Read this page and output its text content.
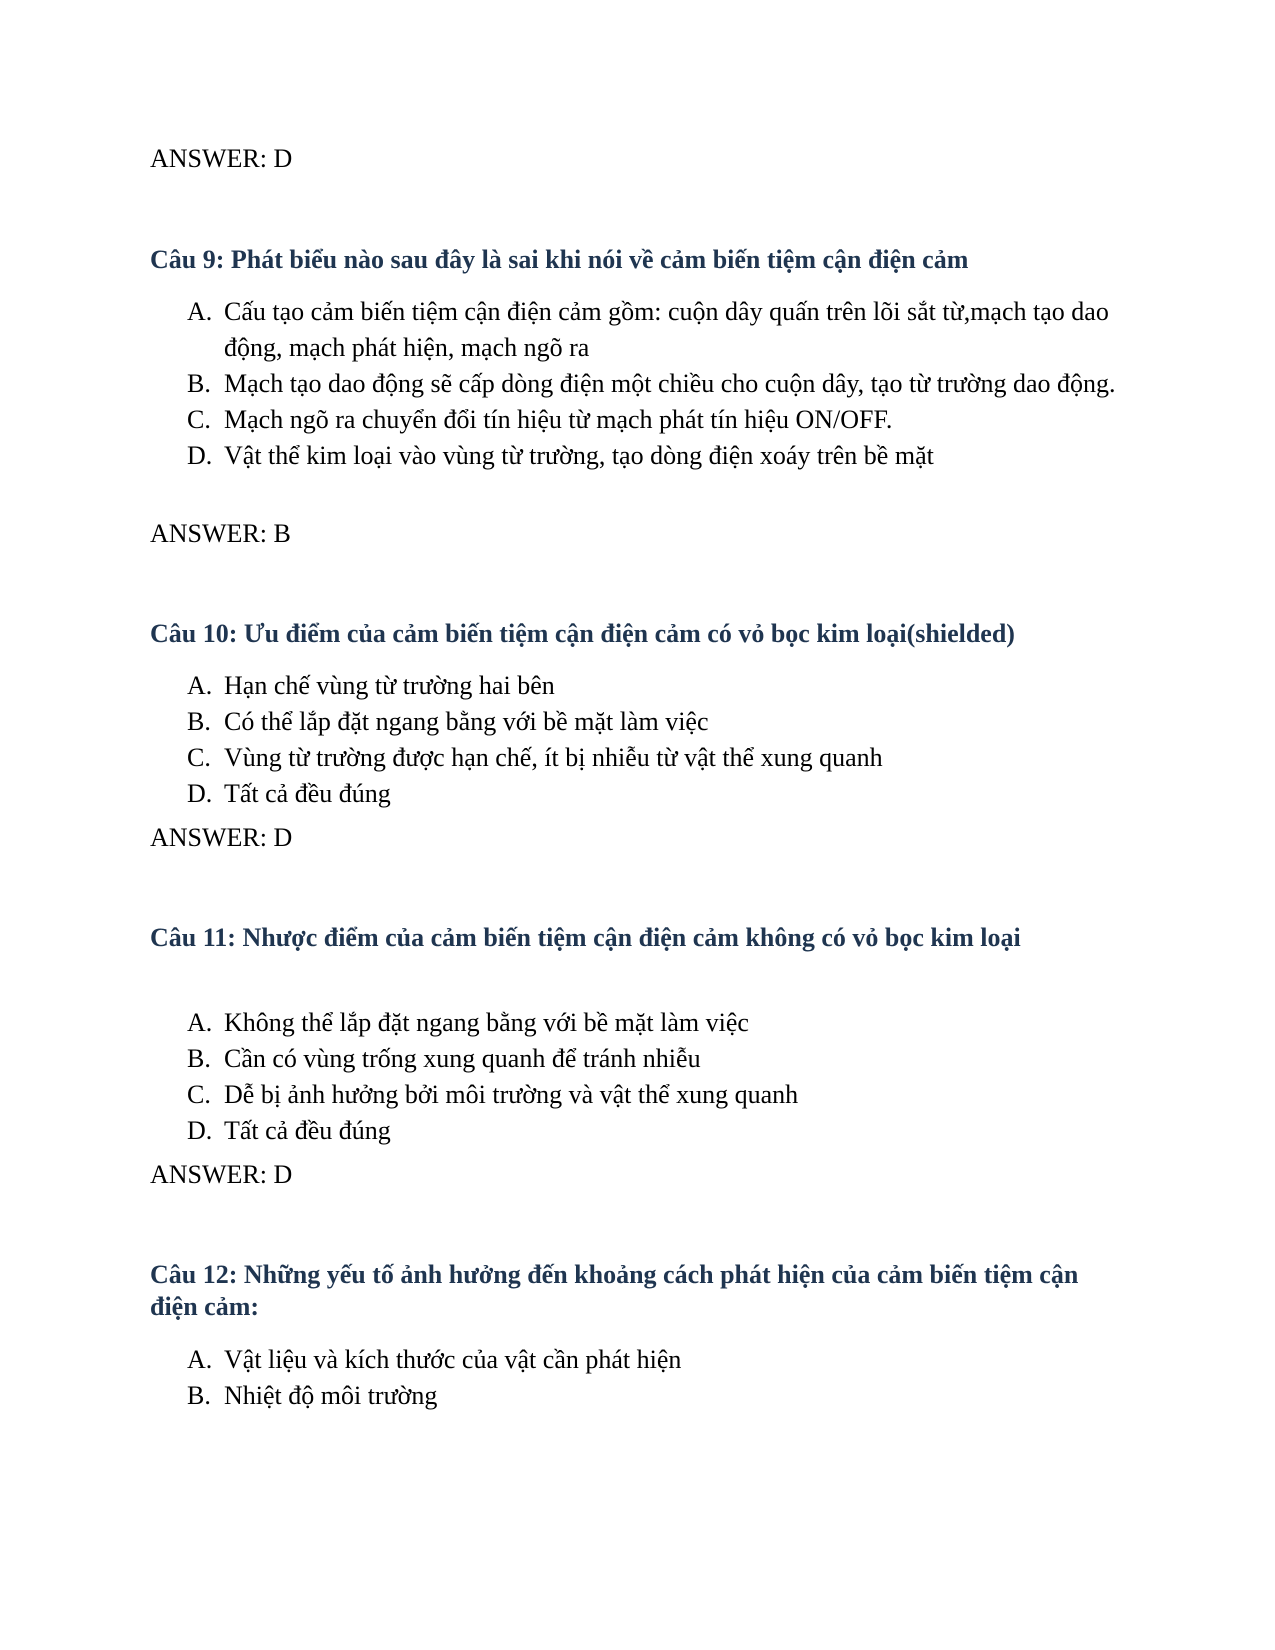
ANSWER: D
Câu 9: Phát biểu nào sau đây là sai khi nói về cảm biến tiệm cận điện cảm
A. Cấu tạo cảm biến tiệm cận điện cảm gồm: cuộn dây quấn trên lõi sắt từ,mạch tạo dao động, mạch phát hiện, mạch ngõ ra
B. Mạch tạo dao động sẽ cấp dòng điện một chiều cho cuộn dây, tạo từ trường dao động.
C. Mạch ngõ ra chuyển đổi tín hiệu từ mạch phát tín hiệu ON/OFF.
D. Vật thể kim loại vào vùng từ trường, tạo dòng điện xoáy trên bề mặt
ANSWER: B
Câu 10: Ưu điểm của cảm biến tiệm cận điện cảm có vỏ bọc kim loại(shielded)
A. Hạn chế vùng từ trường hai bên
B. Có thể lắp đặt ngang bằng với bề mặt làm việc
C. Vùng từ trường được hạn chế, ít bị nhiễu từ vật thể xung quanh
D. Tất cả đều đúng
ANSWER: D
Câu 11: Nhược điểm của cảm biến tiệm cận điện cảm không có vỏ bọc kim loại
A. Không thể lắp đặt ngang bằng với bề mặt làm việc
B. Cần có vùng trống xung quanh để tránh nhiễu
C. Dễ bị ảnh hưởng bởi môi trường và vật thể xung quanh
D. Tất cả đều đúng
ANSWER: D
Câu 12: Những yếu tố ảnh hưởng đến khoảng cách phát hiện của cảm biến tiệm cận điện cảm:
A. Vật liệu và kích thước của vật cần phát hiện
B. Nhiệt độ môi trường
